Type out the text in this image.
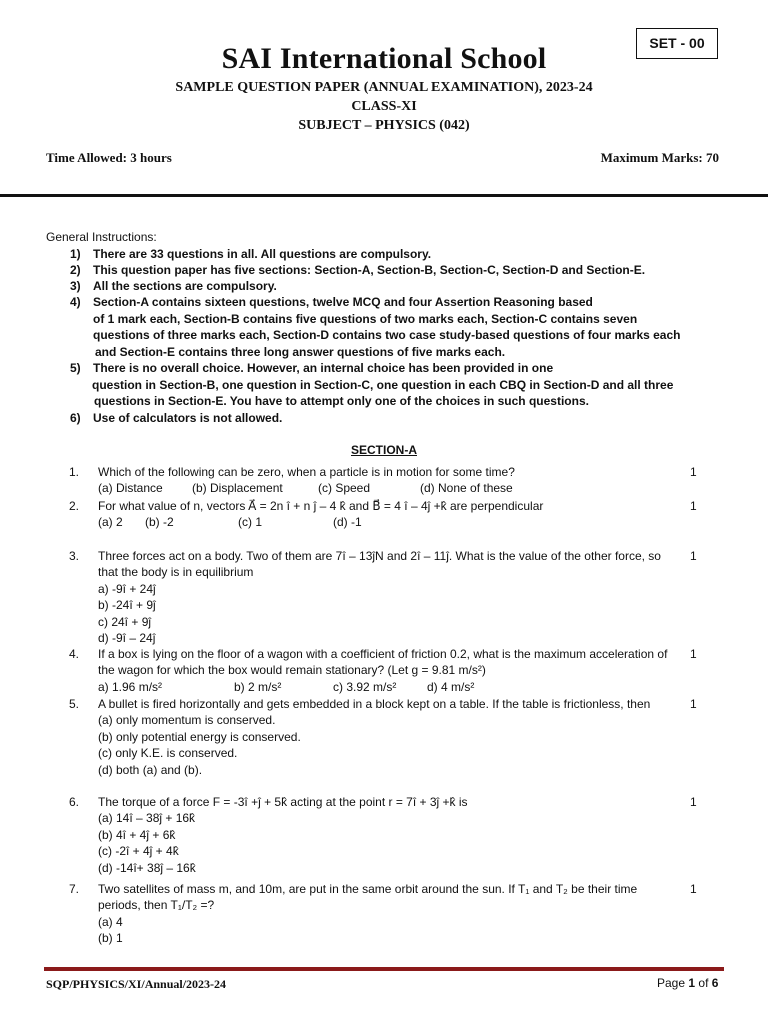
SET - 00
SAI International School
SAMPLE QUESTION PAPER (ANNUAL EXAMINATION), 2023-24
CLASS-XI
SUBJECT – PHYSICS (042)
Time Allowed: 3 hours	Maximum Marks: 70
General Instructions:
1) There are 33 questions in all. All questions are compulsory.
2) This question paper has five sections: Section-A, Section-B, Section-C, Section-D and Section-E.
3) All the sections are compulsory.
4) Section-A contains sixteen questions, twelve MCQ and four Assertion Reasoning based
of 1 mark each, Section-B contains five questions of two marks each, Section-C contains seven
questions of three marks each, Section-D contains two case study-based questions of four marks each
and Section-E contains three long answer questions of five marks each.
5) There is no overall choice. However, an internal choice has been provided in one
question in Section-B, one question in Section-C, one question in each CBQ in Section-D and all three
questions in Section-E. You have to attempt only one of the choices in such questions.
6) Use of calculators is not allowed.
SECTION-A
1. Which of the following can be zero, when a particle is in motion for some time?	1
(a) Distance (b) Displacement	(c) Speed	(d) None of these
2. For what value of n, vectors A⃗ = 2n î + n ĵ – 4 k̂ and B⃗ = 4 î – 4ĵ +k̂ are perpendicular	1
(a) 2 (b) -2	(c) 1	(d) -1
3. Three forces act on a body. Two of them are 7î – 13ĵN and 2î – 11ĵ. What is the value of the other force, so that the body is in equilibrium
1
a) -9î + 24ĵ
b) -24î + 9ĵ
c) 24î + 9ĵ
d) -9î – 24ĵ
4. If a box is lying on the floor of a wagon with a coefficient of friction 0.2, what is the maximum acceleration of the wagon for which the box would remain stationary? (Let g = 9.81 m/s²)
1
a) 1.96 m/s²	b) 2 m/s²	c) 3.92 m/s²	d) 4 m/s²
5. A bullet is fired horizontally and gets embedded in a block kept on a table. If the table is frictionless, then	1
(a) only momentum is conserved.
(b) only potential energy is conserved.
(c) only K.E. is conserved.
(d) both (a) and (b).
6. The torque of a force F = -3î +ĵ + 5k̂ acting at the point r = 7î + 3ĵ +k̂ is	1
(a) 14î – 38ĵ + 16k̂
(b) 4î + 4ĵ + 6k̂
(c) -2î + 4ĵ + 4k̂
(d) -14î+ 38ĵ – 16k̂
7. Two satellites of mass m, and 10m, are put in the same orbit around the sun. If T₁ and T₂ be their time periods, then T₁/T₂ =?
1
(a) 4
(b) 1
SQP/PHYSICS/XI/Annual/2023-24	Page 1 of 6
